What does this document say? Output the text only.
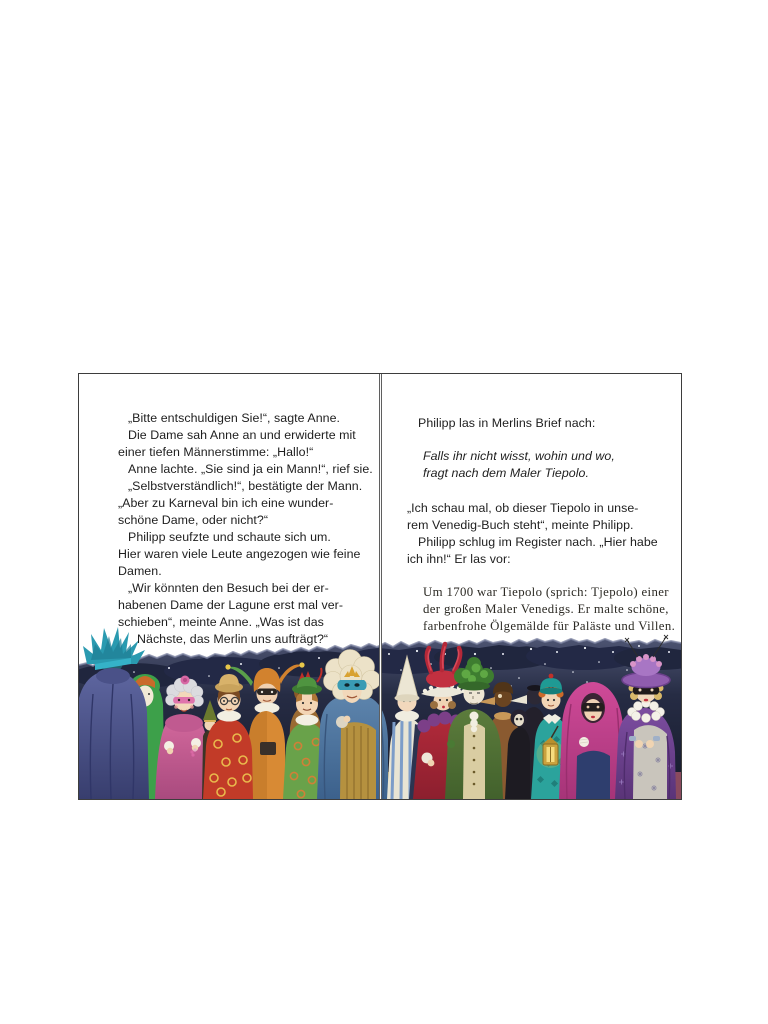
„Bitte entschuldigen Sie!“, sagte Anne.
Die Dame sah Anne an und erwiderte mit
einer tiefen Männerstimme: „Hallo!“
Anne lachte. „Sie sind ja ein Mann!“, rief sie.
„Selbstverständlich!“, bestätigte der Mann.
„Aber zu Karneval bin ich eine wunder-
schöne Dame, oder nicht?“
Philipp seufzte und schaute sich um.
Hier waren viele Leute angezogen wie feine
Damen.
„Wir könnten den Besuch bei der er-
habenen Dame der Lagune erst mal ver-
schieben“, meinte Anne. „Was ist das
Nächste, das Merlin uns aufträgt?“
Philipp las in Merlins Brief nach:
Falls ihr nicht wisst, wohin und wo,
fragt nach dem Maler Tiepolo.
„Ich schau mal, ob dieser Tiepolo in unse-
rem Venedig-Buch steht“, meinte Philipp.
Philipp schlug im Register nach. „Hier habe
ich ihn!“ Er las vor:
Um 1700 war Tiepolo (sprich: Tjepolo) einer
der großen Maler Venedigs. Er malte schöne,
farbenfrohe Ölgemälde für Paläste und Villen.
